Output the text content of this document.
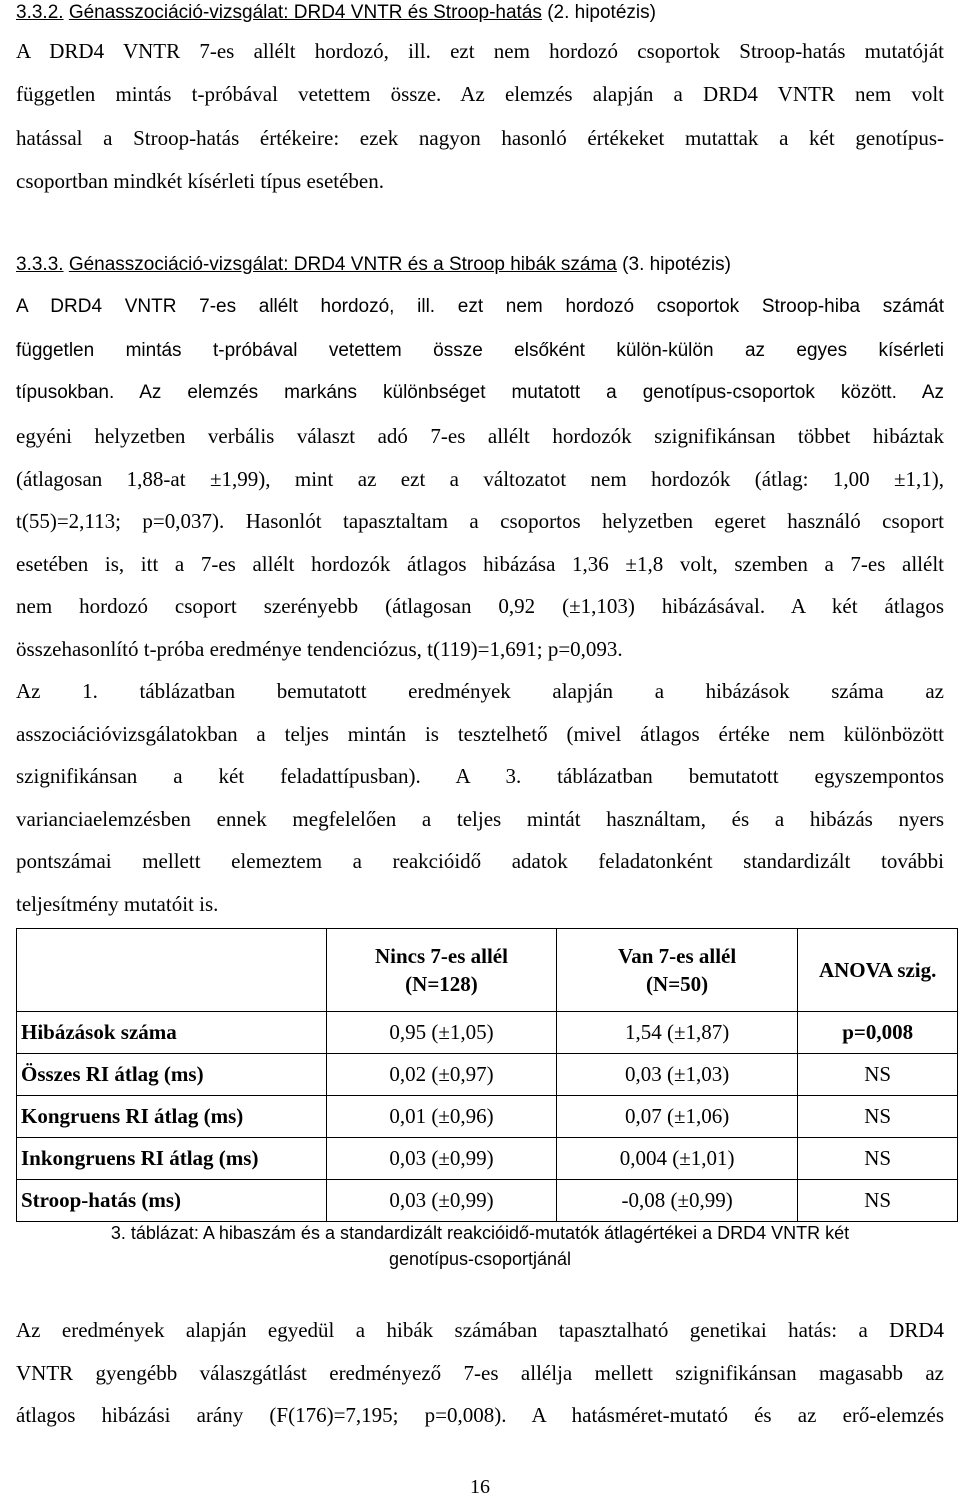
3.3.2. Génasszociáció-vizsgálat: DRD4 VNTR és Stroop-hatás (2. hipotézis)
A DRD4 VNTR 7-es allélt hordozó, ill. ezt nem hordozó csoportok Stroop-hatás mutatóját
független mintás t-próbával vetettem össze. Az elemzés alapján a DRD4 VNTR nem volt
hatással a Stroop-hatás értékeire: ezek nagyon hasonló értékeket mutattak a két genotípus-
csoportban mindkét kísérleti típus esetében.
3.3.3. Génasszociáció-vizsgálat: DRD4 VNTR és a Stroop hibák száma (3. hipotézis)
A DRD4 VNTR 7-es allélt hordozó, ill. ezt nem hordozó csoportok Stroop-hiba számát
független mintás t-próbával vetettem össze elsőként külön-külön az egyes kísérleti
típusokban. Az elemzés markáns különbséget mutatott a genotípus-csoportok között. Az
egyéni helyzetben verbális választ adó 7-es allélt hordozók szignifikánsan többet hibáztak
(átlagosan 1,88-at ±1,99), mint az ezt a változatot nem hordozók (átlag: 1,00 ±1,1),
t(55)=2,113; p=0,037). Hasonlót tapasztaltam a csoportos helyzetben egeret használó csoport
esetében is, itt a 7-es allélt hordozók átlagos hibázása 1,36 ±1,8 volt, szemben a 7-es allélt
nem hordozó csoport szerényebb (átlagosan 0,92 (±1,103) hibázásával. A két átlagos
összehasonlító t-próba eredménye tendenciózus, t(119)=1,691; p=0,093.
Az 1. táblázatban bemutatott eredmények alapján a hibázások száma az
asszociációvizsgálatokban a teljes mintán is tesztelhető (mivel átlagos értéke nem különbözött
szignifikánsan a két feladattípusban). A 3. táblázatban bemutatott egyszempontos
varianciaelemzésben ennek megfelelően a teljes mintát használtam, és a hibázás nyers
pontszámai mellett elemeztem a reakcióidő adatok feladatonként standardizált további
teljesítmény mutatóit is.
	Nincs 7-es allél (N=128)	Van 7-es allél (N=50)	ANOVA szig.
Hibázások száma	0,95 (±1,05)	1,54 (±1,87)	p=0,008
Összes RI átlag (ms)	0,02 (±0,97)	0,03 (±1,03)	NS
Kongruens RI átlag (ms)	0,01 (±0,96)	0,07 (±1,06)	NS
Inkongruens RI átlag (ms)	0,03 (±0,99)	0,004 (±1,01)	NS
Stroop-hatás (ms)	0,03 (±0,99)	-0,08 (±0,99)	NS
3. táblázat: A hibaszám és a standardizált reakcióidő-mutatók átlagértékei a DRD4 VNTR két
genotípus-csoportjánál
Az eredmények alapján egyedül a hibák számában tapasztalható genetikai hatás: a DRD4
VNTR gyengébb válaszgátlást eredményező 7-es allélja mellett szignifikánsan magasabb az
átlagos hibázási arány (F(176)=7,195; p=0,008). A hatásméret-mutató és az erő-elemzés
16
